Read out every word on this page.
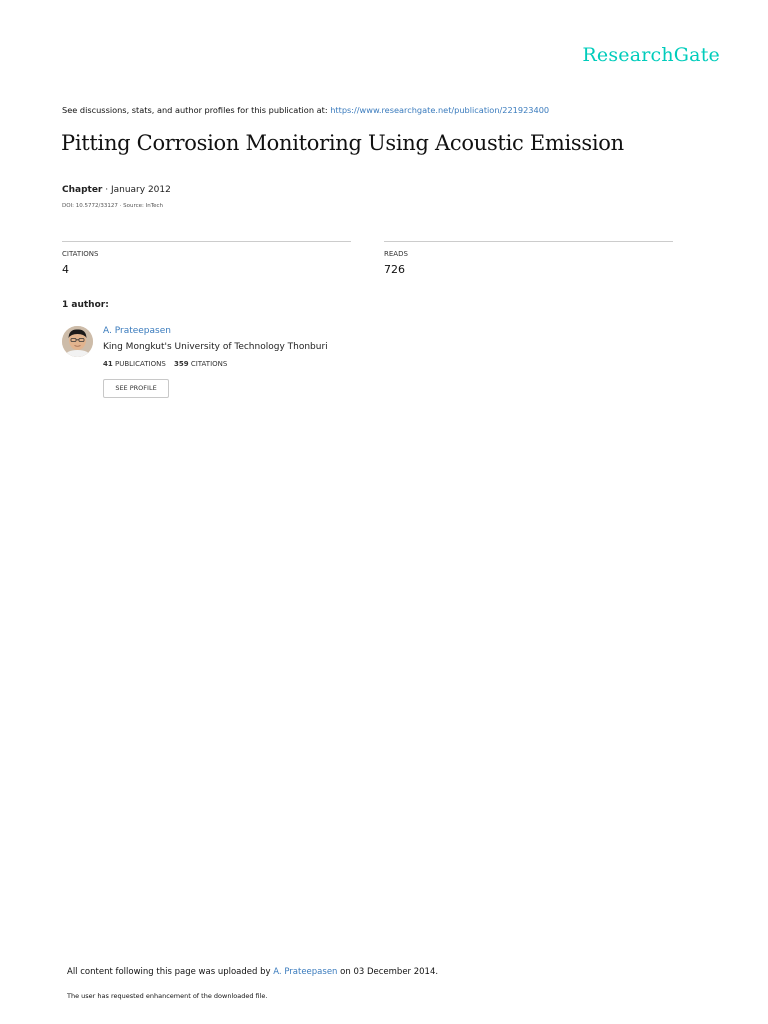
ResearchGate
See discussions, stats, and author profiles for this publication at: https://www.researchgate.net/publication/221923400
Pitting Corrosion Monitoring Using Acoustic Emission
Chapter · January 2012
DOI: 10.5772/33127 · Source: InTech
CITATIONS
4
READS
726
1 author:
A. Prateepasen
King Mongkut's University of Technology Thonburi
41 PUBLICATIONS 359 CITATIONS
SEE PROFILE
All content following this page was uploaded by A. Prateepasen on 03 December 2014.
The user has requested enhancement of the downloaded file.
